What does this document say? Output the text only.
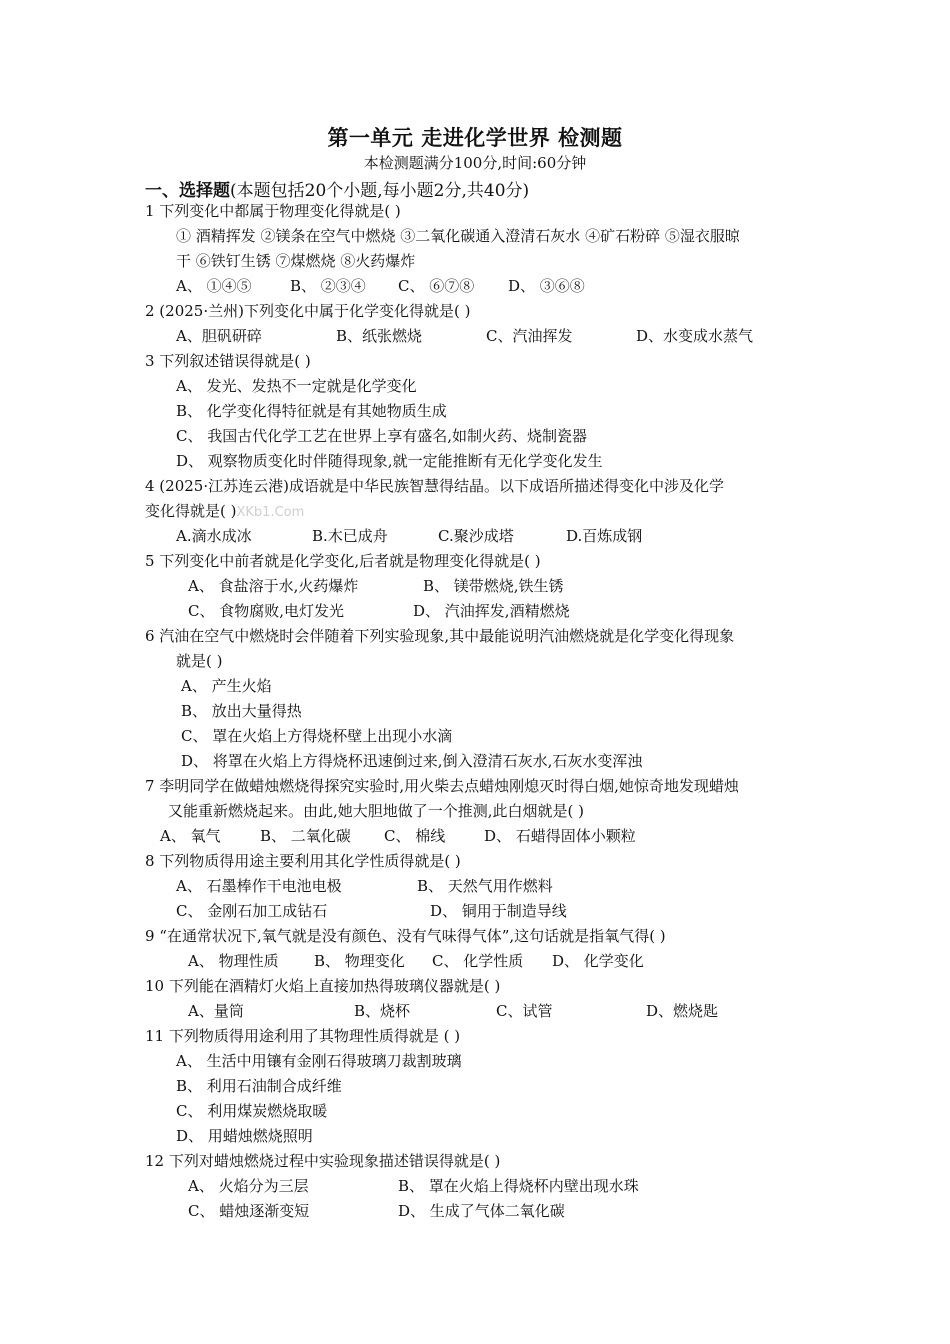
第一单元 走进化学世界 检测题
本检测题满分100分,时间:60分钟
一、选择题(本题包括20个小题,每小题2分,共40分)
1 下列变化中都属于物理变化得就是( )
① 酒精挥发 ②镁条在空气中燃烧 ③二氧化碳通入澄清石灰水 ④矿石粉碎 ⑤湿衣服晾
干 ⑥铁钉生锈 ⑦煤燃烧 ⑧火药爆炸
A、 ①④⑤	B、 ②③④ C、 ⑥⑦⑧ D、 ③⑥⑧
2 (2025·兰州)下列变化中属于化学变化得就是( )
A、胆矾研碎	B、纸张燃烧	C、汽油挥发	D、水变成水蒸气
3 下列叙述错误得就是( )
A、 发光、发热不一定就是化学变化
B、 化学变化得特征就是有其她物质生成
C、 我国古代化学工艺在世界上享有盛名,如制火药、烧制瓷器
D、 观察物质变化时伴随得现象,就一定能推断有无化学变化发生
4 (2025·江苏连云港)成语就是中华民族智慧得结晶。以下成语所描述得变化中涉及化学
变化得就是( )XKb1.Com
A.滴水成冰	B.木已成舟	C.聚沙成塔	D.百炼成钢
5 下列变化中前者就是化学变化,后者就是物理变化得就是( )
A、 食盐溶于水,火药爆炸	B、 镁带燃烧,铁生锈
C、 食物腐败,电灯发光	D、 汽油挥发,酒精燃烧
6 汽油在空气中燃烧时会伴随着下列实验现象,其中最能说明汽油燃烧就是化学变化得现象
就是( )
A、 产生火焰
B、 放出大量得热
C、 罩在火焰上方得烧杯壁上出现小水滴
D、 将罩在火焰上方得烧杯迅速倒过来,倒入澄清石灰水,石灰水变浑浊
7 李明同学在做蜡烛燃烧得探究实验时,用火柴去点蜡烛刚熄灭时得白烟,她惊奇地发现蜡烛
又能重新燃烧起来。由此,她大胆地做了一个推测,此白烟就是( )
A、 氧气	B、 二氧化碳 C、 棉线	D、 石蜡得固体小颗粒
8 下列物质得用途主要利用其化学性质得就是( )
A、 石墨棒作干电池电极	B、 天然气用作燃料
C、 金刚石加工成钻石	D、 铜用于制造导线
9 “在通常状况下,氧气就是没有颜色、没有气味得气体”,这句话就是指氧气得( )
A、 物理性质 B、 物理变化 C、 化学性质 D、 化学变化
10 下列能在酒精灯火焰上直接加热得玻璃仪器就是( )
A、量筒	B、烧杯	C、试管	D、燃烧匙
11 下列物质得用途利用了其物理性质得就是 ( )
A、 生活中用镶有金刚石得玻璃刀裁割玻璃
B、 利用石油制合成纤维
C、 利用煤炭燃烧取暖
D、 用蜡烛燃烧照明
12 下列对蜡烛燃烧过程中实验现象描述错误得就是( )
A、 火焰分为三层	B、 罩在火焰上得烧杯内壁出现水珠
C、 蜡烛逐渐变短	D、 生成了气体二氧化碳
